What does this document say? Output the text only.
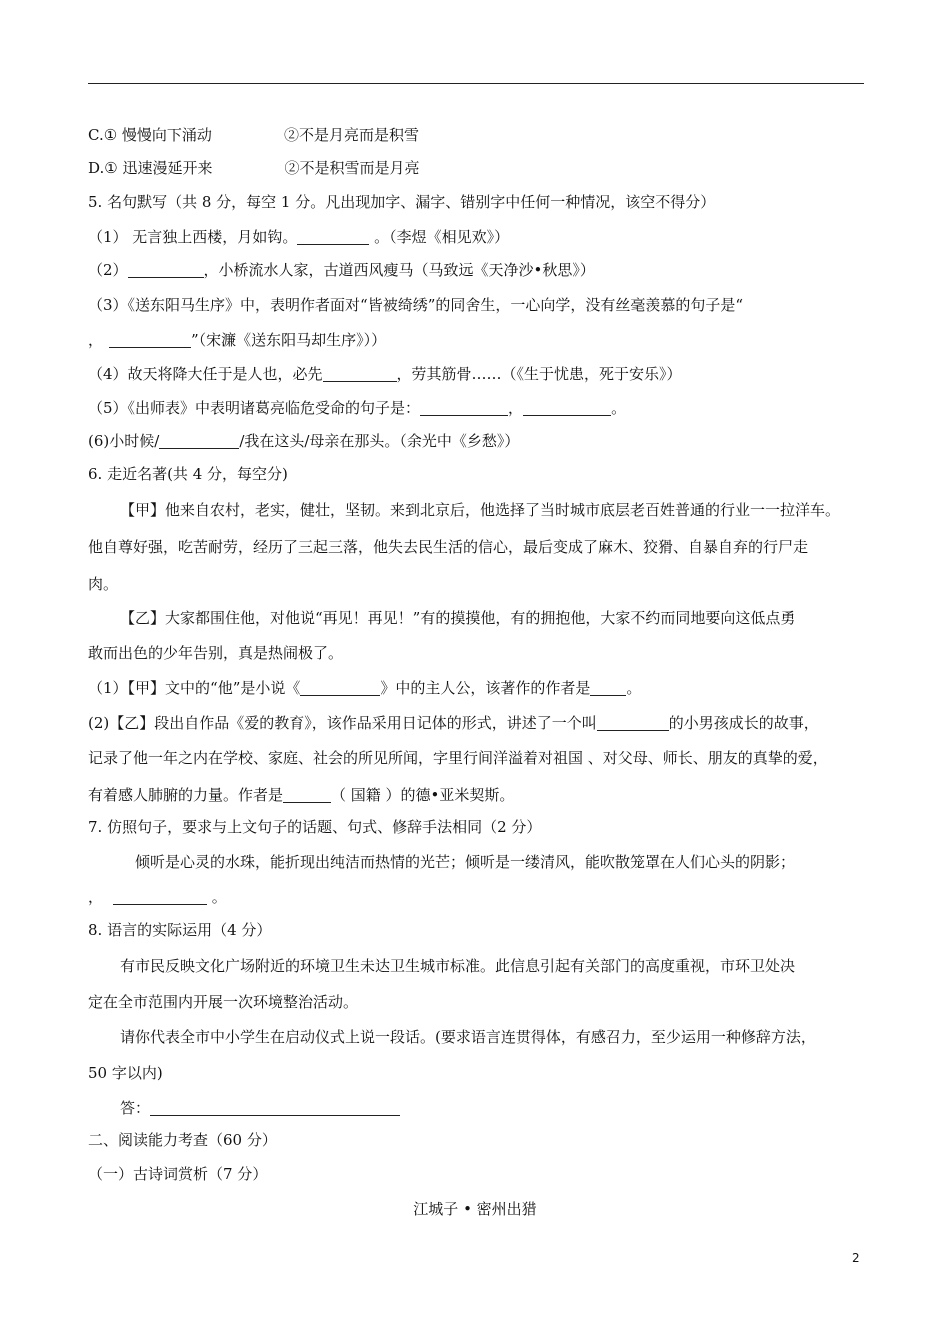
C.① 慢慢向下涌动	②不是月亮而是积雪
D.① 迅速漫延开来	②不是积雪而是月亮
5. 名句默写（共 8 分，每空 1 分。凡出现加字、漏字、错别字中任何一种情况，该空不得分）
（1） 无言独上西楼，月如钩。	。（李煜《相见欢》）
（2）	，小桥流水人家，古道西风瘦马（马致远《天净沙•秋思》）
（3）《送东阳马生序》中，表明作者面对“皆被绮绣”的同舍生，一心向学，没有丝毫羡慕的句子是“
，	”（宋濂《送东阳马却生序》））
（4）故天将降大任于是人也，必先	，劳其筋骨……（《生于忧患，死于安乐》）
（5）《出师表》中表明诸葛亮临危受命的句子是：	，	。
(6)小时候/	/我在这头/母亲在那头。（余光中《乡愁》）
6. 走近名著(共 4 分，每空分)
【甲】他来自农村，老实，健壮，坚韧。来到北京后，他选择了当时城市底层老百姓普通的行业一一拉洋车。
他自尊好强，吃苦耐劳，经历了三起三落，他失去民生活的信心，最后变成了麻木、狡猾、自暴自弃的行尸走
肉。
【乙】大家都围住他，对他说“再见！再见！”有的摸摸他，有的拥抱他，大家不约而同地要向这低点勇
敢而出色的少年告别，真是热闹极了。
（1）【甲】文中的“他”是小说《	》中的主人公，该著作的作者是 。
(2)【乙】段出自作品《爱的教育》，该作品采用日记体的形式，讲述了一个叫	的小男孩成长的故事，
记录了他一年之内在学校、家庭、社会的所见所闻，字里行间洋溢着对祖国 、对父母、师长、朋友的真挚的爱，
有着感人肺腑的力量。作者是	（ 国籍 ）的德•亚米契斯。
7. 仿照句子，要求与上文句子的话题、句式、修辞手法相同（2 分）
倾听是心灵的水珠，能折现出纯洁而热情的光芒；倾听是一缕清风，能吹散笼罩在人们心头的阴影；
，	。
8. 语言的实际运用（4 分）
有市民反映文化广场附近的环境卫生未达卫生城市标准。此信息引起有关部门的高度重视，市环卫处决
定在全市范围内开展一次环境整治活动。
请你代表全市中小学生在启动仪式上说一段话。(要求语言连贯得体，有感召力，至少运用一种修辞方法，
50 字以内)
答：
二、阅读能力考查（60 分）
（一）古诗词赏析（7 分）
江城子 • 密州出猎
2
